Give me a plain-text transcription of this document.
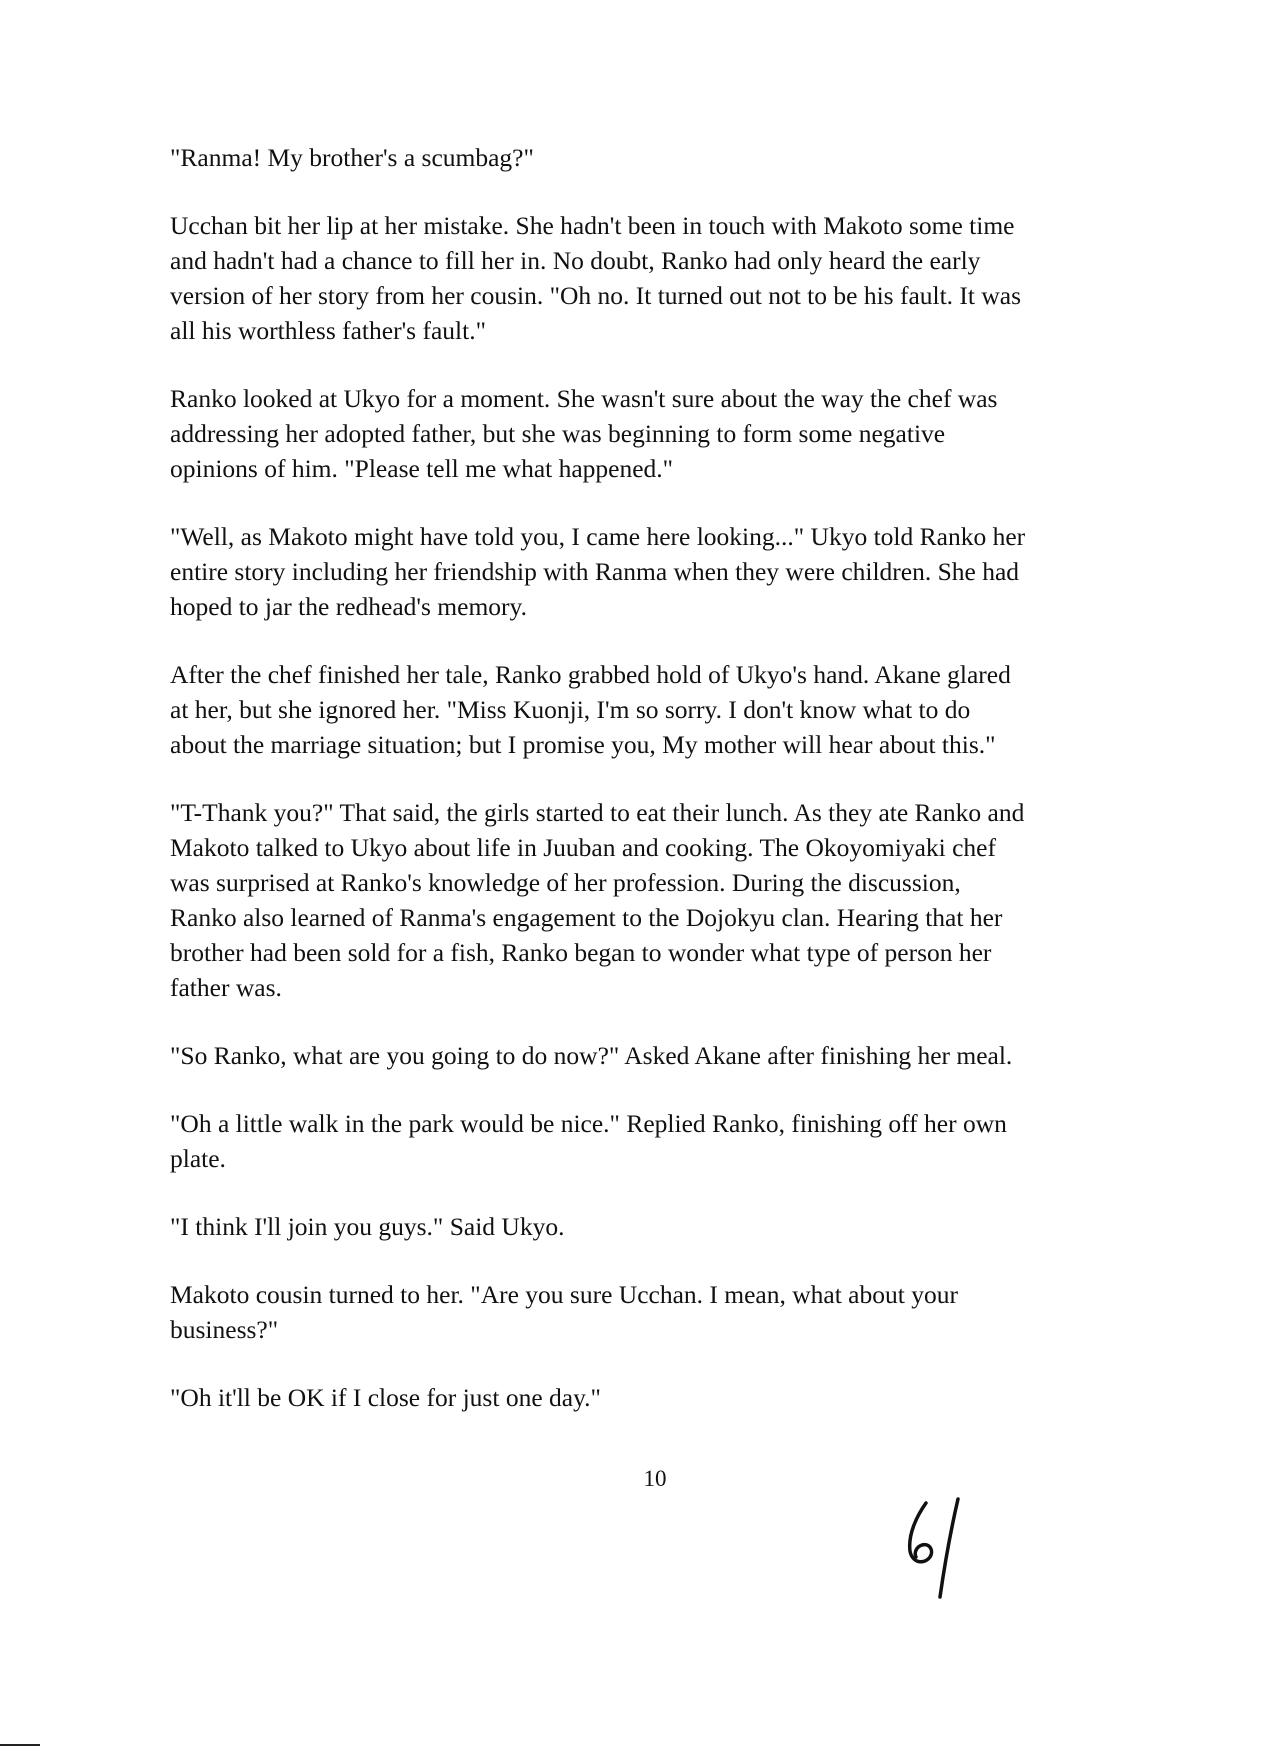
"Ranma! My brother's a scumbag?"

Ucchan bit her lip at her mistake. She hadn't been in touch with Makoto some time
and hadn't had a chance to fill her in. No doubt, Ranko had only heard the early
version of her story from her cousin. "Oh no. It turned out not to be his fault. It was
all his worthless father's fault."

Ranko looked at Ukyo for a moment. She wasn't sure about the way the chef was
addressing her adopted father, but she was beginning to form some negative
opinions of him. "Please tell me what happened."

"Well, as Makoto might have told you, I came here looking..." Ukyo told Ranko her
entire story including her friendship with Ranma when they were children. She had
hoped to jar the redhead's memory.

After the chef finished her tale, Ranko grabbed hold of Ukyo's hand. Akane glared
at her, but she ignored her. "Miss Kuonji, I'm so sorry. I don't know what to do
about the marriage situation; but I promise you, My mother will hear about this."

"T-Thank you?" That said, the girls started to eat their lunch. As they ate Ranko and
Makoto talked to Ukyo about life in Juuban and cooking. The Okoyomiyaki chef
was surprised at Ranko's knowledge of her profession. During the discussion,
Ranko also learned of Ranma's engagement to the Dojokyu clan. Hearing that her
brother had been sold for a fish, Ranko began to wonder what type of person her
father was.

"So Ranko, what are you going to do now?" Asked Akane after finishing her meal.

"Oh a little walk in the park would be nice." Replied Ranko, finishing off her own
plate.

"I think I'll join you guys." Said Ukyo.

Makoto cousin turned to her. "Are you sure Ucchan. I mean, what about your
business?"

"Oh it'll be OK if I close for just one day."

10
